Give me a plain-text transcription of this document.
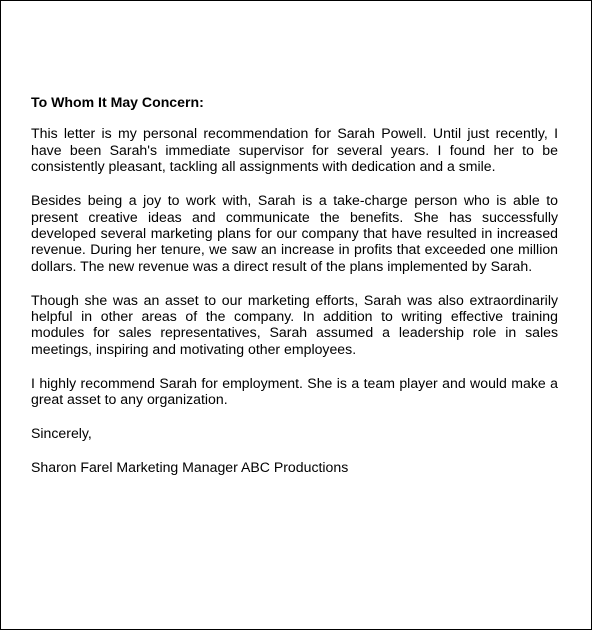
To Whom It May Concern:

This letter is my personal recommendation for Sarah Powell. Until just recently, I have been Sarah's immediate supervisor for several years. I found her to be consistently pleasant, tackling all assignments with dedication and a smile.

Besides being a joy to work with, Sarah is a take-charge person who is able to present creative ideas and communicate the benefits. She has successfully developed several marketing plans for our company that have resulted in increased revenue. During her tenure, we saw an increase in profits that exceeded one million dollars. The new revenue was a direct result of the plans implemented by Sarah.

Though she was an asset to our marketing efforts, Sarah was also extraordinarily helpful in other areas of the company. In addition to writing effective training modules for sales representatives, Sarah assumed a leadership role in sales meetings, inspiring and motivating other employees.

I highly recommend Sarah for employment. She is a team player and would make a great asset to any organization.

Sincerely,

Sharon Farel Marketing Manager ABC Productions
